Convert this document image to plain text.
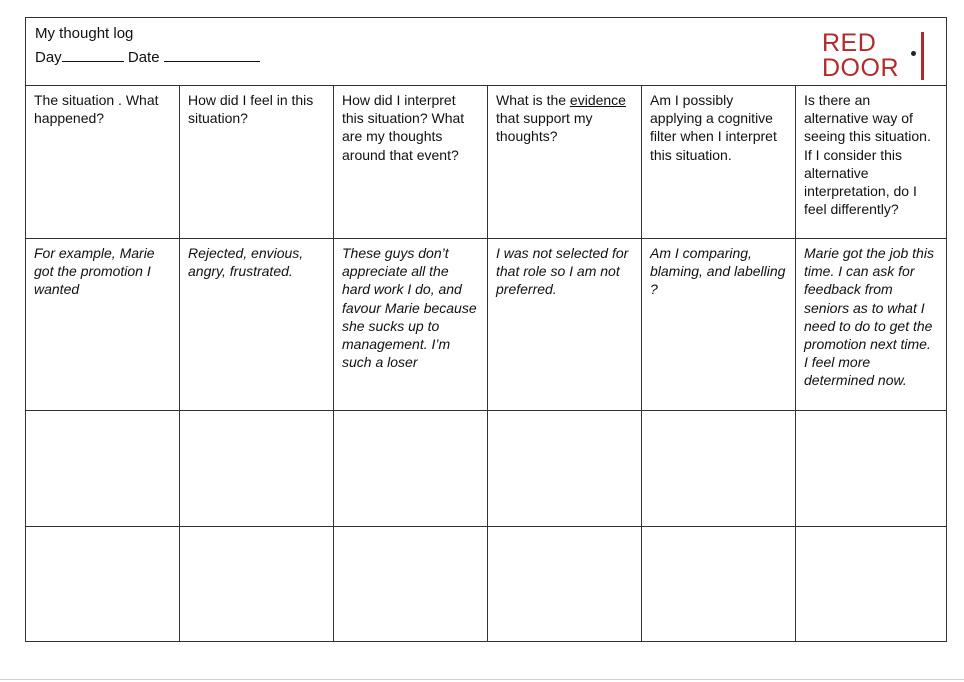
My thought log
Day	Date
RED
DOOR
The situation . What happened?
How did I feel in this situation?
How did I interpret this situation? What are my thoughts around that event?
What is the evidence that support my thoughts?
Am I possibly applying a cognitive filter when I interpret this situation.
Is there an alternative way of seeing this situation. If I consider this alternative interpretation, do I feel differently?
For example, Marie got the promotion I wanted
Rejected, envious, angry, frustrated.
These guys don’t appreciate all the hard work I do, and favour Marie because she sucks up to management. I’m such a loser
I was not selected for that role so I am not preferred.
Am I comparing, blaming, and labelling ?
Marie got the job this time. I can ask for feedback from seniors as to what I need to do to get the promotion next time. I feel more determined now.
